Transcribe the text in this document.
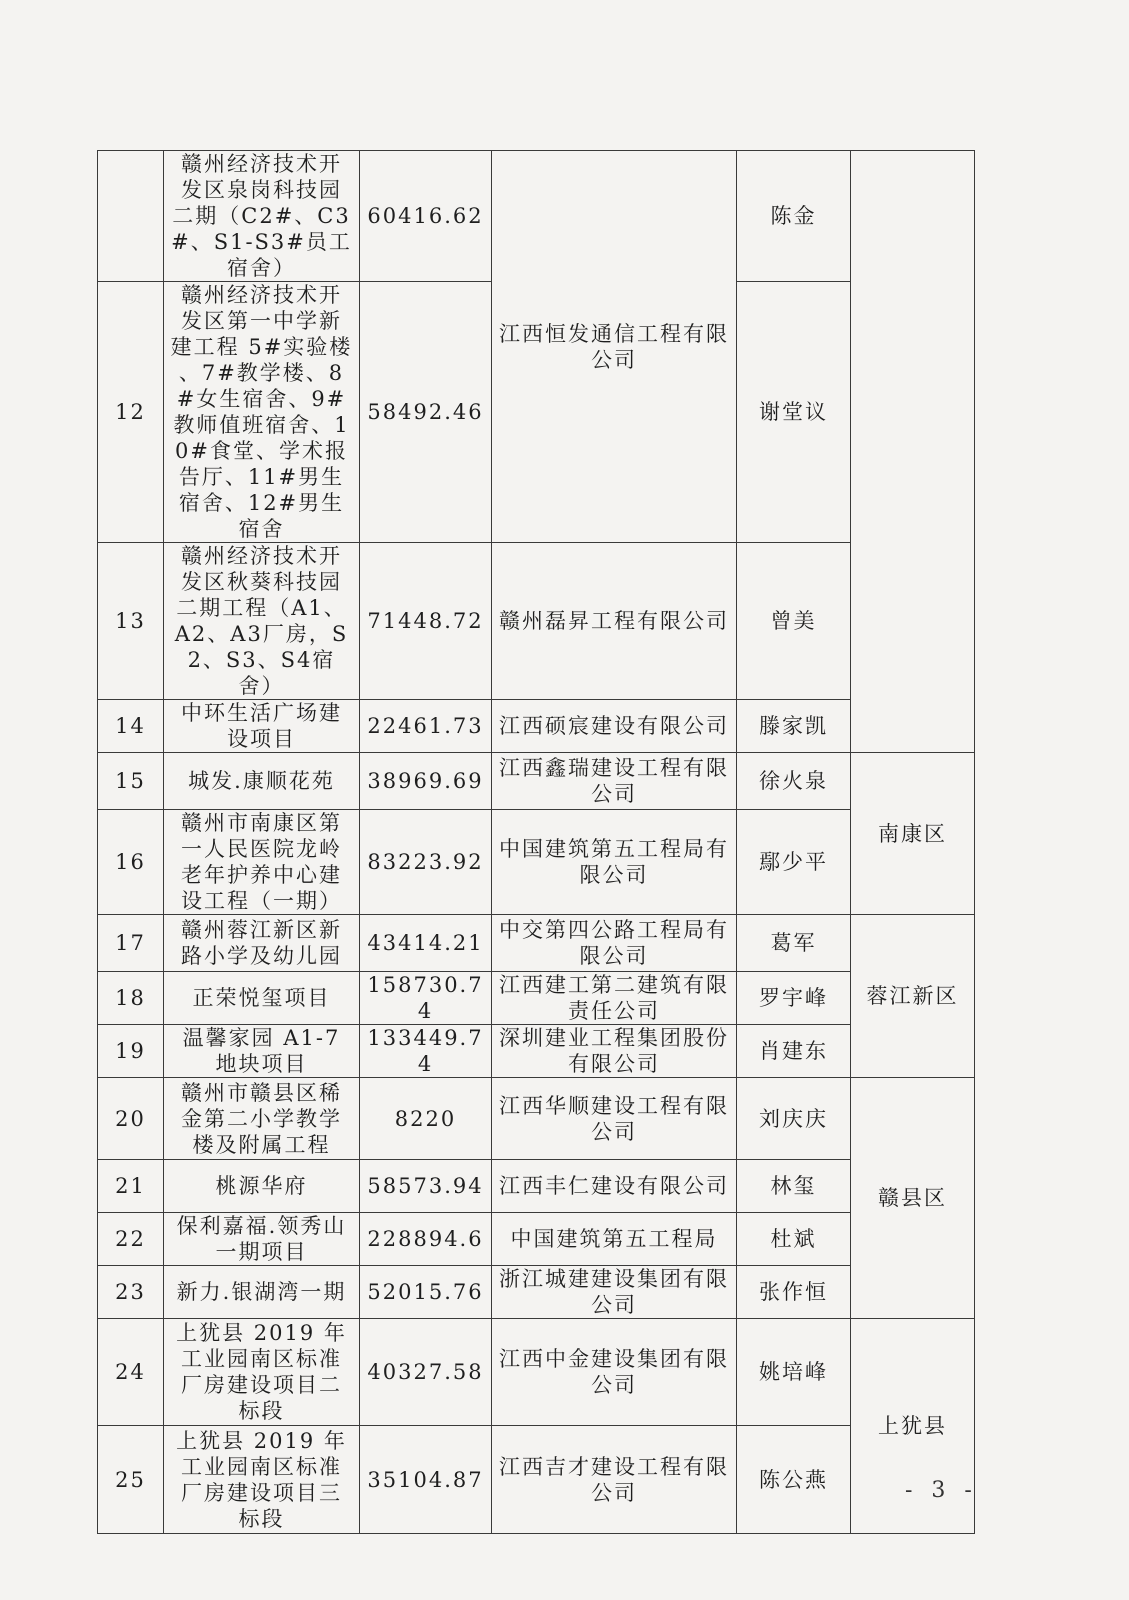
	赣州经济技术开发区泉岗科技园二期（C2#、C3#、S1-S3#员工宿舍）	60416.62	江西恒发通信工程有限公司	陈金	
12	赣州经济技术开发区第一中学新建工程 5#实验楼 、7#教学楼、8#女生宿舍、9#教师值班宿舍、10#食堂、学术报告厅、11#男生宿舍、12#男生宿舍	58492.46		谢堂议	
13	赣州经济技术开发区秋葵科技园二期工程（A1、A2、A3厂房，S2、S3、S4宿舍）	71448.72	赣州磊昇工程有限公司	曾美	
14	中环生活广场建设项目	22461.73	江西硕宸建设有限公司	滕家凯	
15	城发.康顺花苑	38969.69	江西鑫瑞建设工程有限公司	徐火泉	南康区
16	赣州市南康区第一人民医院龙岭老年护养中心建设工程（一期）	83223.92	中国建筑第五工程局有限公司	鄢少平	
17	赣州蓉江新区新路小学及幼儿园	43414.21	中交第四公路工程局有限公司	葛军	蓉江新区
18	正荣悦玺项目	158730.74	江西建工第二建筑有限责任公司	罗宇峰	
19	温馨家园 A1-7 地块项目	133449.74	深圳建业工程集团股份有限公司	肖建东	
20	赣州市赣县区稀金第二小学教学楼及附属工程	8220	江西华顺建设工程有限公司	刘庆庆	赣县区
21	桃源华府	58573.94	江西丰仁建设有限公司	林玺	
22	保利嘉福.领秀山一期项目	228894.6	中国建筑第五工程局	杜斌	
23	新力.银湖湾一期	52015.76	浙江城建建设集团有限公司	张作恒	
24	上犹县 2019 年工业园南区标准厂房建设项目二标段	40327.58	江西中金建设集团有限公司	姚培峰	上犹县
25	上犹县 2019 年工业园南区标准厂房建设项目三标段	35104.87	江西吉才建设工程有限公司	陈公燕		- 3 -
